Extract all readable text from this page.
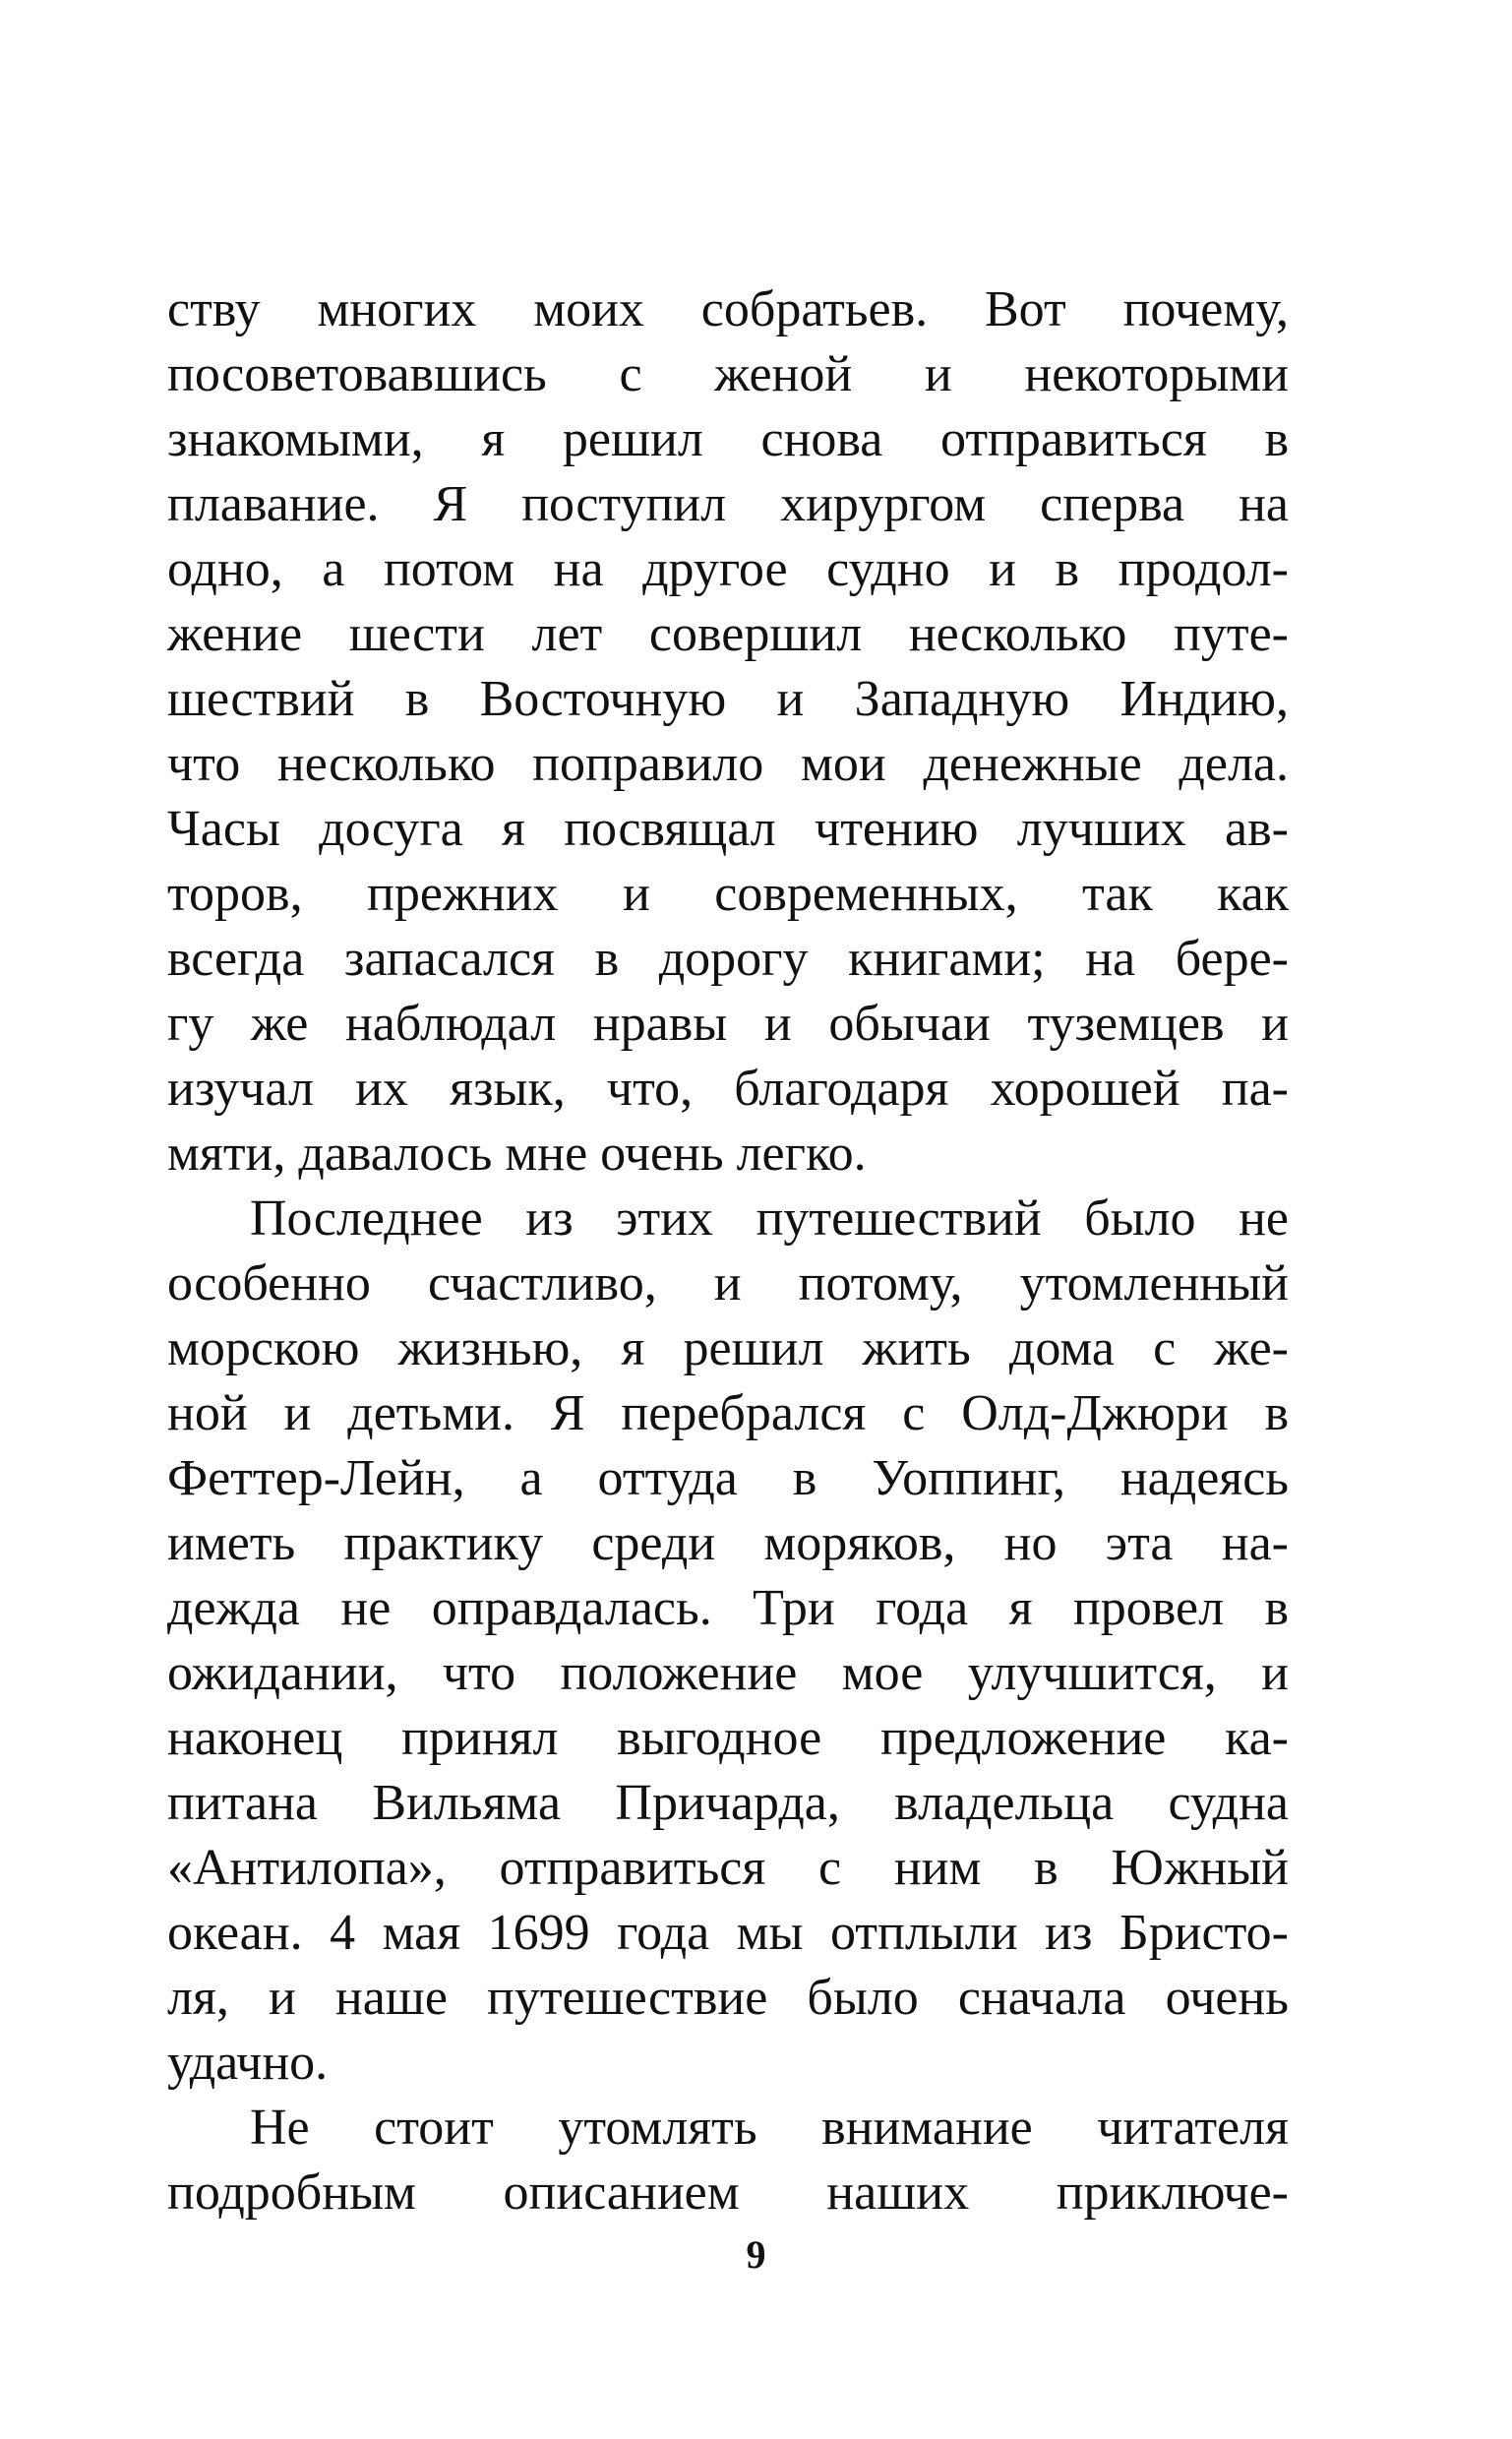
ству многих моих собратьев. Вот почему,
посоветовавшись с женой и некоторыми
знакомыми, я решил снова отправиться в
плавание. Я поступил хирургом сперва на
одно, а потом на другое судно и в продол-
жение шести лет совершил несколько путе-
шествий в Восточную и Западную Индию,
что несколько поправило мои денежные дела.
Часы досуга я посвящал чтению лучших ав-
торов, прежних и современных, так как
всегда запасался в дорогу книгами; на бере-
гу же наблюдал нравы и обычаи туземцев и
изучал их язык, что, благодаря хорошей па-
мяти, давалось мне очень легко.
Последнее из этих путешествий было не
особенно счастливо, и потому, утомленный
морскою жизнью, я решил жить дома с же-
ной и детьми. Я перебрался с Олд-Джюри в
Феттер-Лейн, а оттуда в Уоппинг, надеясь
иметь практику среди моряков, но эта на-
дежда не оправдалась. Три года я провел в
ожидании, что положение мое улучшится, и
наконец принял выгодное предложение ка-
питана Вильяма Причарда, владельца судна
«Антилопа», отправиться с ним в Южный
океан. 4 мая 1699 года мы отплыли из Бристо-
ля, и наше путешествие было сначала очень
удачно.
Не стоит утомлять внимание читателя
подробным описанием наших приключе-
9
